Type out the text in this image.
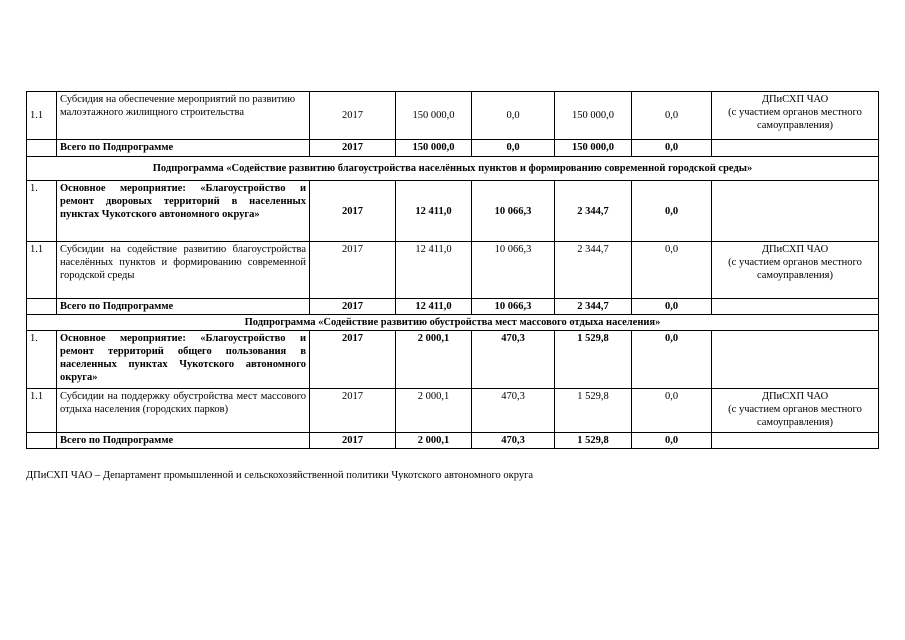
1.1	Субсидия на обеспечение мероприятий по развитию малоэтажного жилищного строительства	2017	150 000,0	0,0	150 000,0	0,0	ДПиСХП ЧАО
(с участием органов местного самоуправления)
	Всего по Подпрограмме	2017	150 000,0	0,0	150 000,0	0,0	
Подпрограмма «Содействие развитию благоустройства населённых пунктов и формированию современной городской среды»							
1.	Основное мероприятие: «Благоустройство и ремонт дворовых территорий в населенных пунктах Чукотского автономного округа»	2017	12 411,0	10 066,3	2 344,7	0,0	
1.1	Субсидии на содействие развитию благоустройства населённых пунктов и формированию современной городской среды	2017	12 411,0	10 066,3	2 344,7	0,0	ДПиСХП ЧАО
(с участием органов местного самоуправления)
	Всего по Подпрограмме	2017	12 411,0	10 066,3	2 344,7	0,0	
Подпрограмма «Содействие развитию обустройства мест массового отдыха населения»							
1.	Основное мероприятие: «Благоустройство и ремонт территорий общего пользования в населенных пунктах Чукотского автономного округа»	2017	2 000,1	470,3	1 529,8	0,0	
1.1	Субсидии на поддержку обустройства мест массового отдыха населения (городских парков)	2017	2 000,1	470,3	1 529,8	0,0	ДПиСХП ЧАО
(с участием органов местного самоуправления)
	Всего по Подпрограмме	2017	2 000,1	470,3	1 529,8	0,0	
ДПиСХП ЧАО – Департамент промышленной и сельскохозяйственной политики Чукотского автономного округа
